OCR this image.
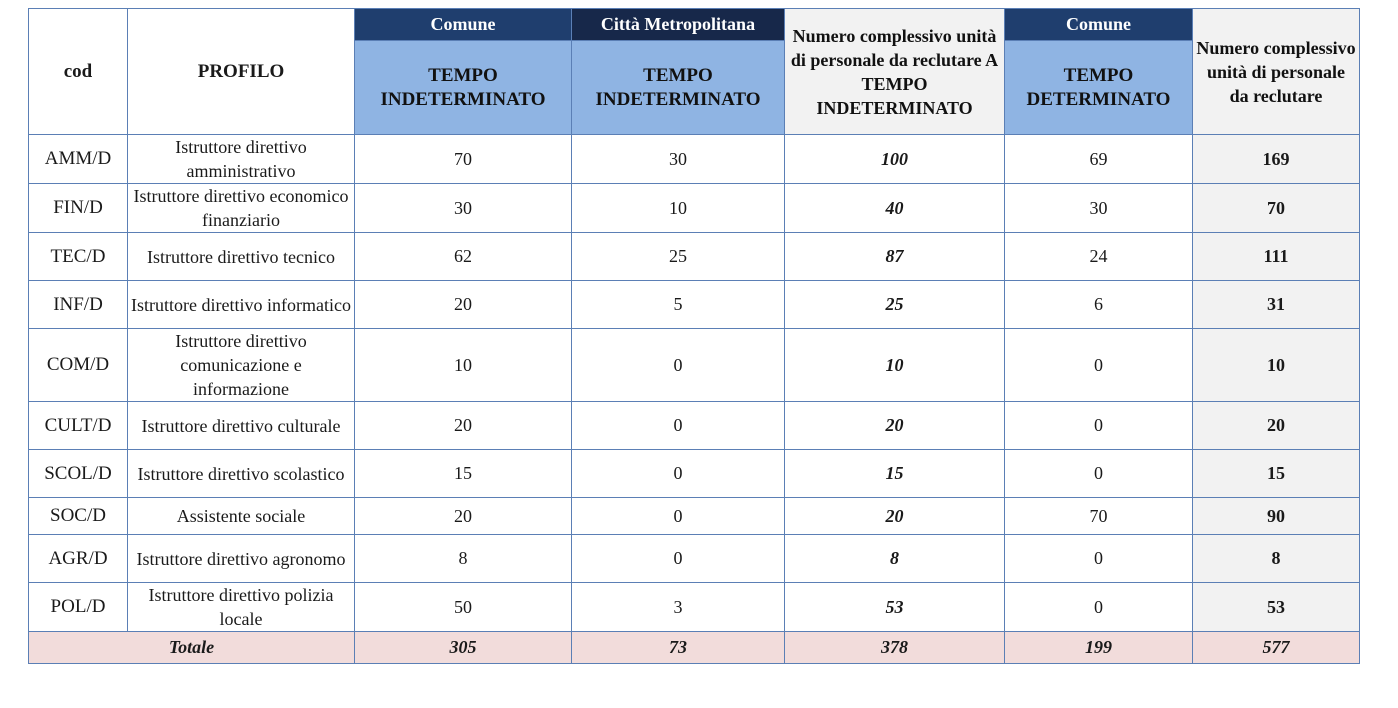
cod	PROFILO	Comune	Città Metropolitana	Numero complessivo unità di personale da reclutare A TEMPO INDETERMINATO	Comune	Numero complessivo unità di personale da reclutare
		TEMPO INDETERMINATO	TEMPO INDETERMINATO		TEMPO DETERMINATO	
AMM/D	Istruttore direttivo amministrativo	70	30	100	69	169
FIN/D	Istruttore direttivo economico finanziario	30	10	40	30	70
TEC/D	Istruttore direttivo tecnico	62	25	87	24	111
INF/D	Istruttore direttivo informatico	20	5	25	6	31
COM/D	Istruttore direttivo comunicazione e informazione	10	0	10	0	10
CULT/D	Istruttore direttivo culturale	20	0	20	0	20
SCOL/D	Istruttore direttivo scolastico	15	0	15	0	15
SOC/D	Assistente sociale	20	0	20	70	90
AGR/D	Istruttore direttivo agronomo	8	0	8	0	8
POL/D	Istruttore direttivo polizia locale	50	3	53	0	53
Totale		305	73	378	199	577
